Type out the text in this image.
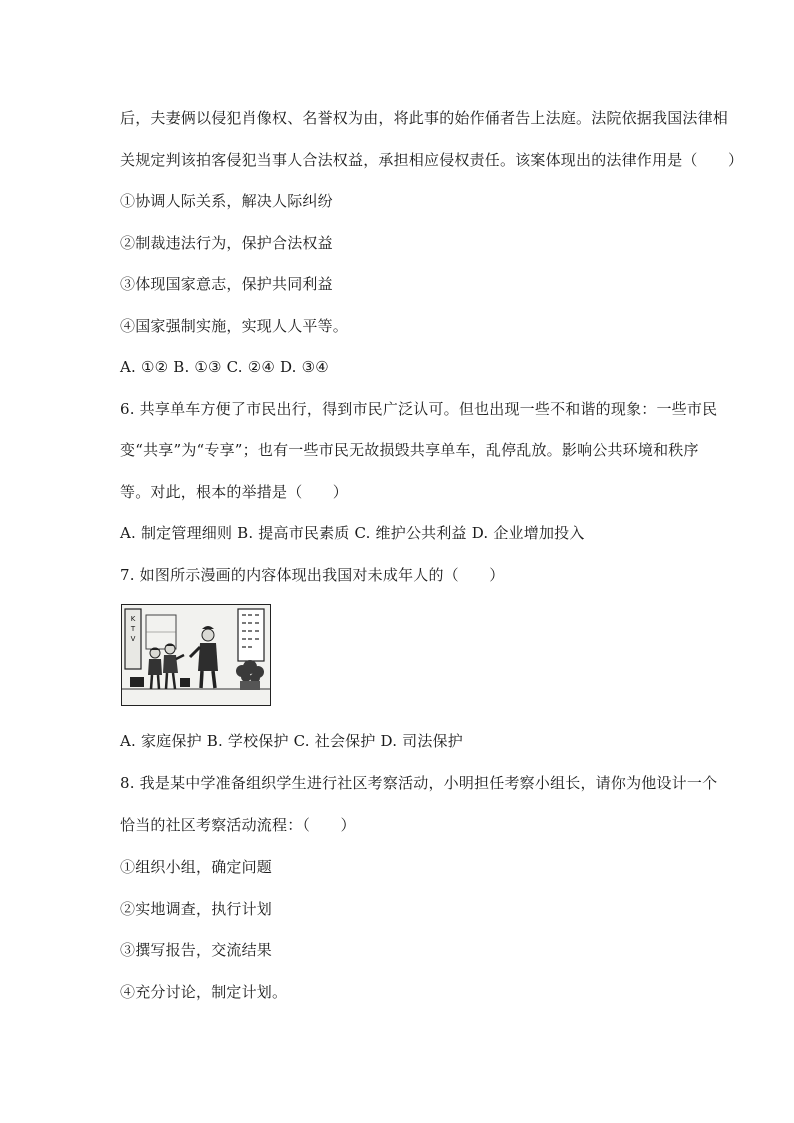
后，夫妻俩以侵犯肖像权、名誉权为由，将此事的始作俑者告上法庭。法院依据我国法律相
关规定判该拍客侵犯当事人合法权益，承担相应侵权责任。该案体现出的法律作用是（　　）
①协调人际关系，解决人际纠纷
②制裁违法行为，保护合法权益
③体现国家意志，保护共同利益
④国家强制实施，实现人人平等。
A. ①② B. ①③ C. ②④ D. ③④
6. 共享单车方便了市民出行，得到市民广泛认可。但也出现一些不和谐的现象：一些市民
变“共享”为“专享”；也有一些市民无故损毁共享单车，乱停乱放。影响公共环境和秩序
等。对此，根本的举措是（　　）
A. 制定管理细则 B. 提高市民素质 C. 维护公共利益 D. 企业增加投入
7. 如图所示漫画的内容体现出我国对未成年人的（　　）
K
T
V
A. 家庭保护 B. 学校保护 C. 社会保护 D. 司法保护
8. 我是某中学准备组织学生进行社区考察活动，小明担任考察小组长，请你为他设计一个
恰当的社区考察活动流程：（　　）
①组织小组，确定问题
②实地调查，执行计划
③撰写报告，交流结果
④充分讨论，制定计划。
